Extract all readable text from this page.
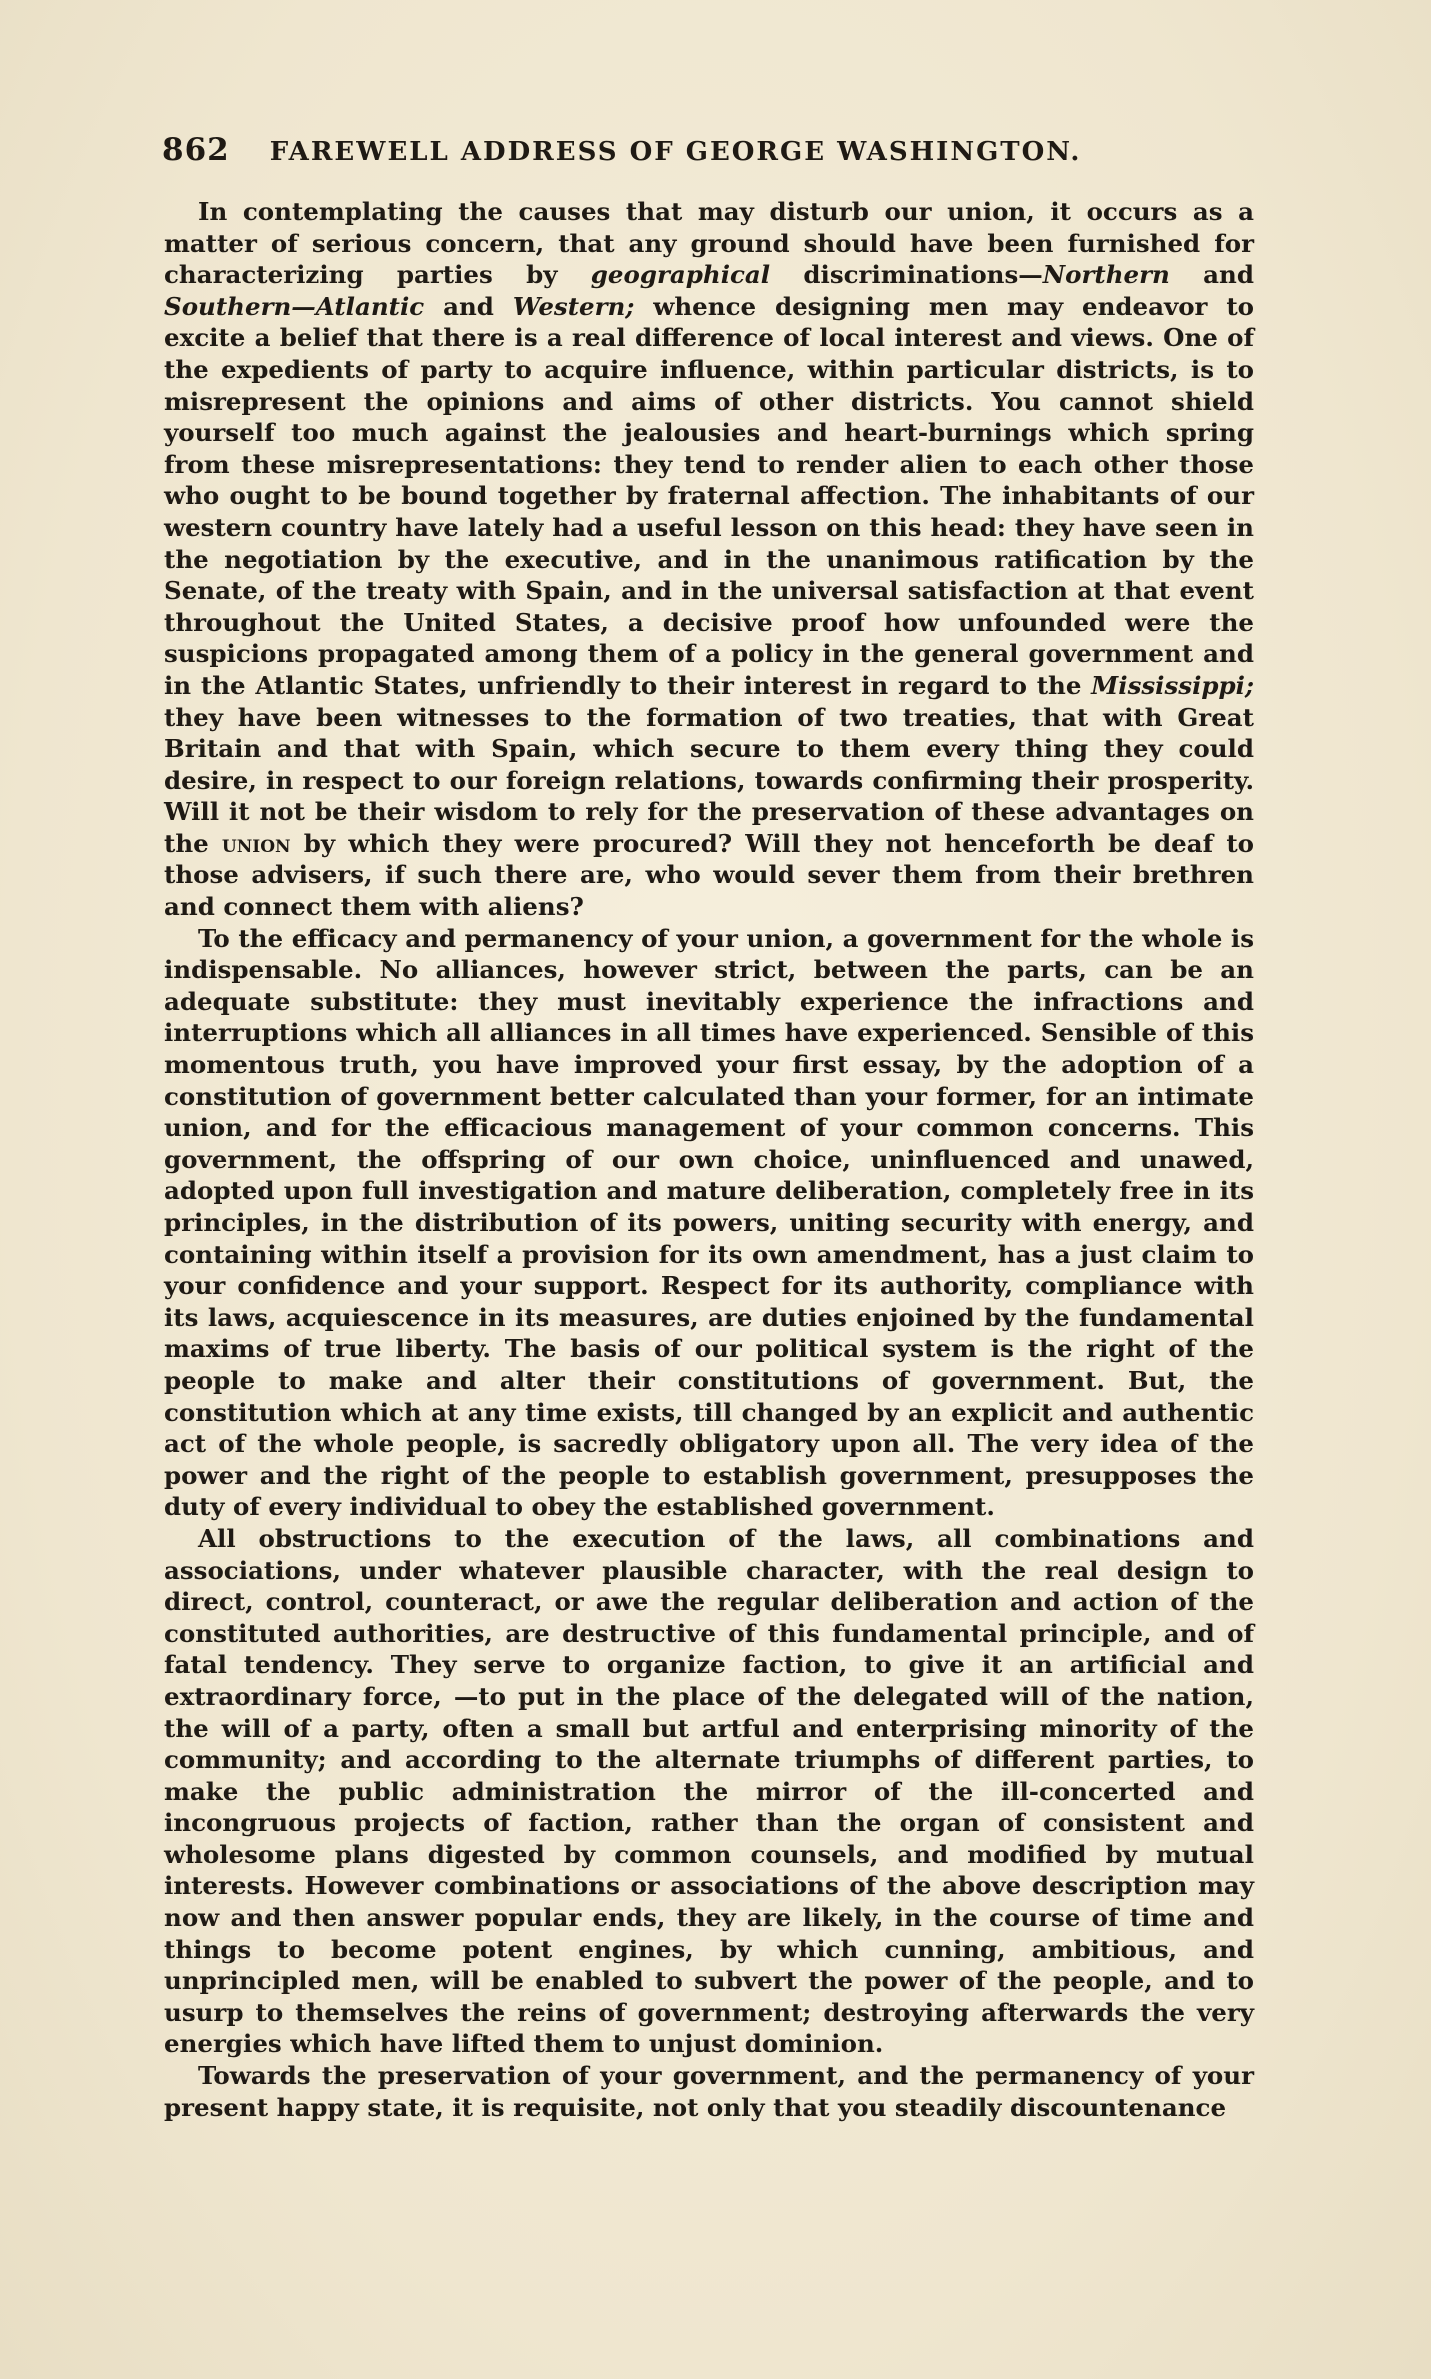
862 FAREWELL ADDRESS OF GEORGE WASHINGTON.

In contemplating the causes that may disturb our union, it occurs as a matter of serious concern, that any ground should have been furnished for characterizing parties by geographical discriminations—Northern and Southern—Atlantic and Western; whence designing men may endeavor to excite a belief that there is a real difference of local interest and views. One of the expedients of party to acquire influence, within particular districts, is to misrepresent the opinions and aims of other districts. You cannot shield yourself too much against the jealousies and heart-burnings which spring from these misrepresentations: they tend to render alien to each other those who ought to be bound together by fraternal affection. The inhabitants of our western country have lately had a useful lesson on this head: they have seen in the negotiation by the executive, and in the unanimous ratification by the Senate, of the treaty with Spain, and in the universal satisfaction at that event throughout the United States, a decisive proof how unfounded were the suspicions propagated among them of a policy in the general government and in the Atlantic States, unfriendly to their interest in regard to the Mississippi; they have been witnesses to the formation of two treaties, that with Great Britain and that with Spain, which secure to them every thing they could desire, in respect to our foreign relations, towards confirming their prosperity. Will it not be their wisdom to rely for the preservation of these advantages on the union by which they were procured? Will they not henceforth be deaf to those advisers, if such there are, who would sever them from their brethren and connect them with aliens?

To the efficacy and permanency of your union, a government for the whole is indispensable. No alliances, however strict, between the parts, can be an adequate substitute: they must inevitably experience the infractions and interruptions which all alliances in all times have experienced. Sensible of this momentous truth, you have improved your first essay, by the adoption of a constitution of government better calculated than your former, for an intimate union, and for the efficacious management of your common concerns. This government, the offspring of our own choice, uninfluenced and unawed, adopted upon full investigation and mature deliberation, completely free in its principles, in the distribution of its powers, uniting security with energy, and containing within itself a provision for its own amendment, has a just claim to your confidence and your support. Respect for its authority, compliance with its laws, acquiescence in its measures, are duties enjoined by the fundamental maxims of true liberty. The basis of our political system is the right of the people to make and alter their constitutions of government. But, the constitution which at any time exists, till changed by an explicit and authentic act of the whole people, is sacredly obligatory upon all. The very idea of the power and the right of the people to establish government, presupposes the duty of every individual to obey the established government.

All obstructions to the execution of the laws, all combinations and associations, under whatever plausible character, with the real design to direct, control, counteract, or awe the regular deliberation and action of the constituted authorities, are destructive of this fundamental principle, and of fatal tendency. They serve to organize faction, to give it an artificial and extraordinary force, —to put in the place of the delegated will of the nation, the will of a party, often a small but artful and enterprising minority of the community; and according to the alternate triumphs of different parties, to make the public administration the mirror of the ill-concerted and incongruous projects of faction, rather than the organ of consistent and wholesome plans digested by common counsels, and modified by mutual interests. However combinations or associations of the above description may now and then answer popular ends, they are likely, in the course of time and things to become potent engines, by which cunning, ambitious, and unprincipled men, will be enabled to subvert the power of the people, and to usurp to themselves the reins of government; destroying afterwards the very energies which have lifted them to unjust dominion.

Towards the preservation of your government, and the permanency of your present happy state, it is requisite, not only that you steadily discountenance
